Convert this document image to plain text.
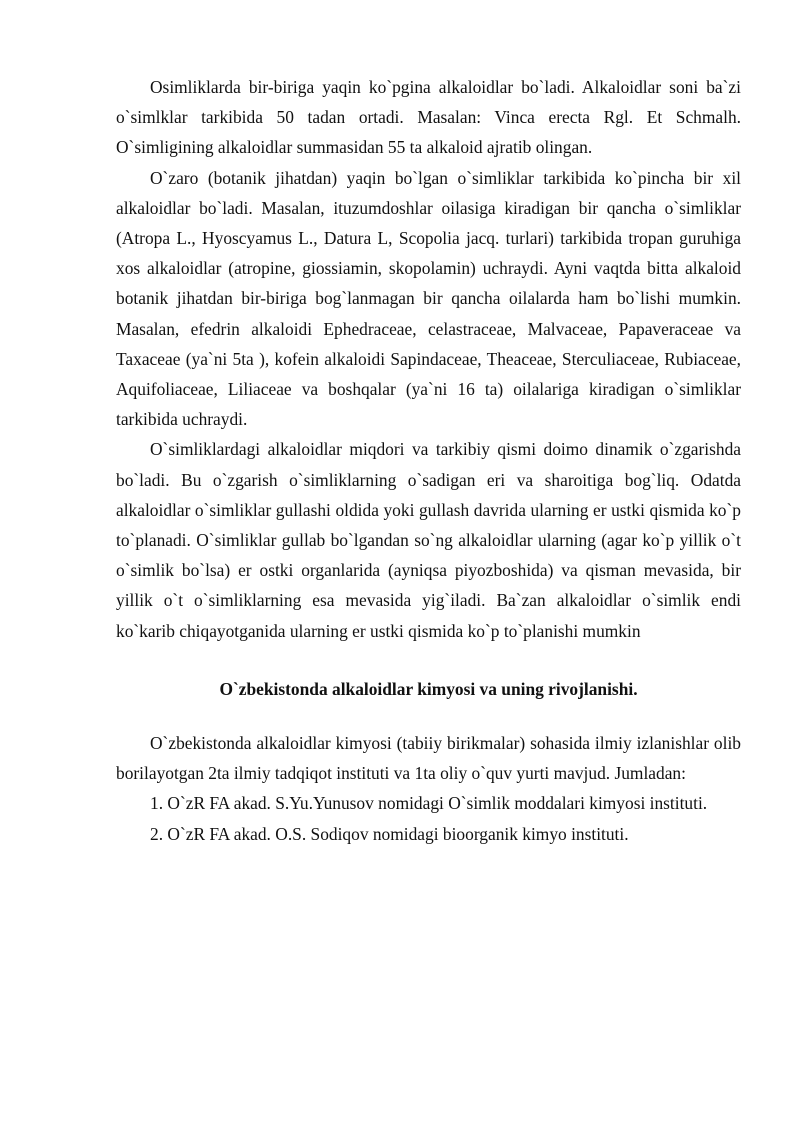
Osimliklarda bir-biriga yaqin ko`pgina alkaloidlar bo`ladi. Alkaloidlar soni ba`zi o`simlklar tarkibida 50 tadan ortadi. Masalan: Vinca erecta Rgl. Et Schmalh. O`simligining alkaloidlar summasidan 55 ta alkaloid ajratib olingan.

O`zaro (botanik jihatdan) yaqin bo`lgan o`simliklar tarkibida ko`pincha bir xil alkaloidlar bo`ladi. Masalan, ituzumdoshlar oilasiga kiradigan bir qancha o`simliklar (Atropa L., Hyoscyamus L., Datura L, Scopolia jacq. turlari) tarkibida tropan guruhiga xos alkaloidlar (atropine, giossiamin, skopolamin) uchraydi. Ayni vaqtda bitta alkaloid botanik jihatdan bir-biriga bog`lanmagan bir qancha oilalarda ham bo`lishi mumkin. Masalan, efedrin alkaloidi Ephedraceae, celastraceae, Malvaceae, Papaveraceae va Taxaceae (ya`ni 5ta ), kofein alkaloidi Sapindaceae, Theaceae, Sterculiaceae, Rubiaceae, Aquifoliaceae, Liliaceae va boshqalar (ya`ni 16 ta) oilalariga kiradigan o`simliklar tarkibida uchraydi.

O`simliklardagi alkaloidlar miqdori va tarkibiy qismi doimo dinamik o`zgarishda bo`ladi. Bu o`zgarish o`simliklarning o`sadigan eri va sharoitiga bog`liq. Odatda alkaloidlar o`simliklar gullashi oldida yoki gullash davrida ularning er ustki qismida ko`p to`planadi. O`simliklar gullab bo`lgandan so`ng alkaloidlar ularning (agar ko`p yillik o`t o`simlik bo`lsa) er ostki organlarida (ayniqsa piyozboshida) va qisman mevasida, bir yillik o`t o`simliklarning esa mevasida yig`iladi. Ba`zan alkaloidlar o`simlik endi ko`karib chiqayotganida ularning er ustki qismida ko`p to`planishi mumkin

O`zbekistonda alkaloidlar kimyosi va uning rivojlanishi.

O`zbekistonda alkaloidlar kimyosi (tabiiy birikmalar) sohasida ilmiy izlanishlar olib borilayotgan 2ta ilmiy tadqiqot instituti va 1ta oliy o`quv yurti mavjud. Jumladan:

1. O`zR FA akad. S.Yu.Yunusov nomidagi O`simlik moddalari kimyosi instituti.

2. O`zR FA akad. O.S. Sodiqov nomidagi bioorganik kimyo instituti.
